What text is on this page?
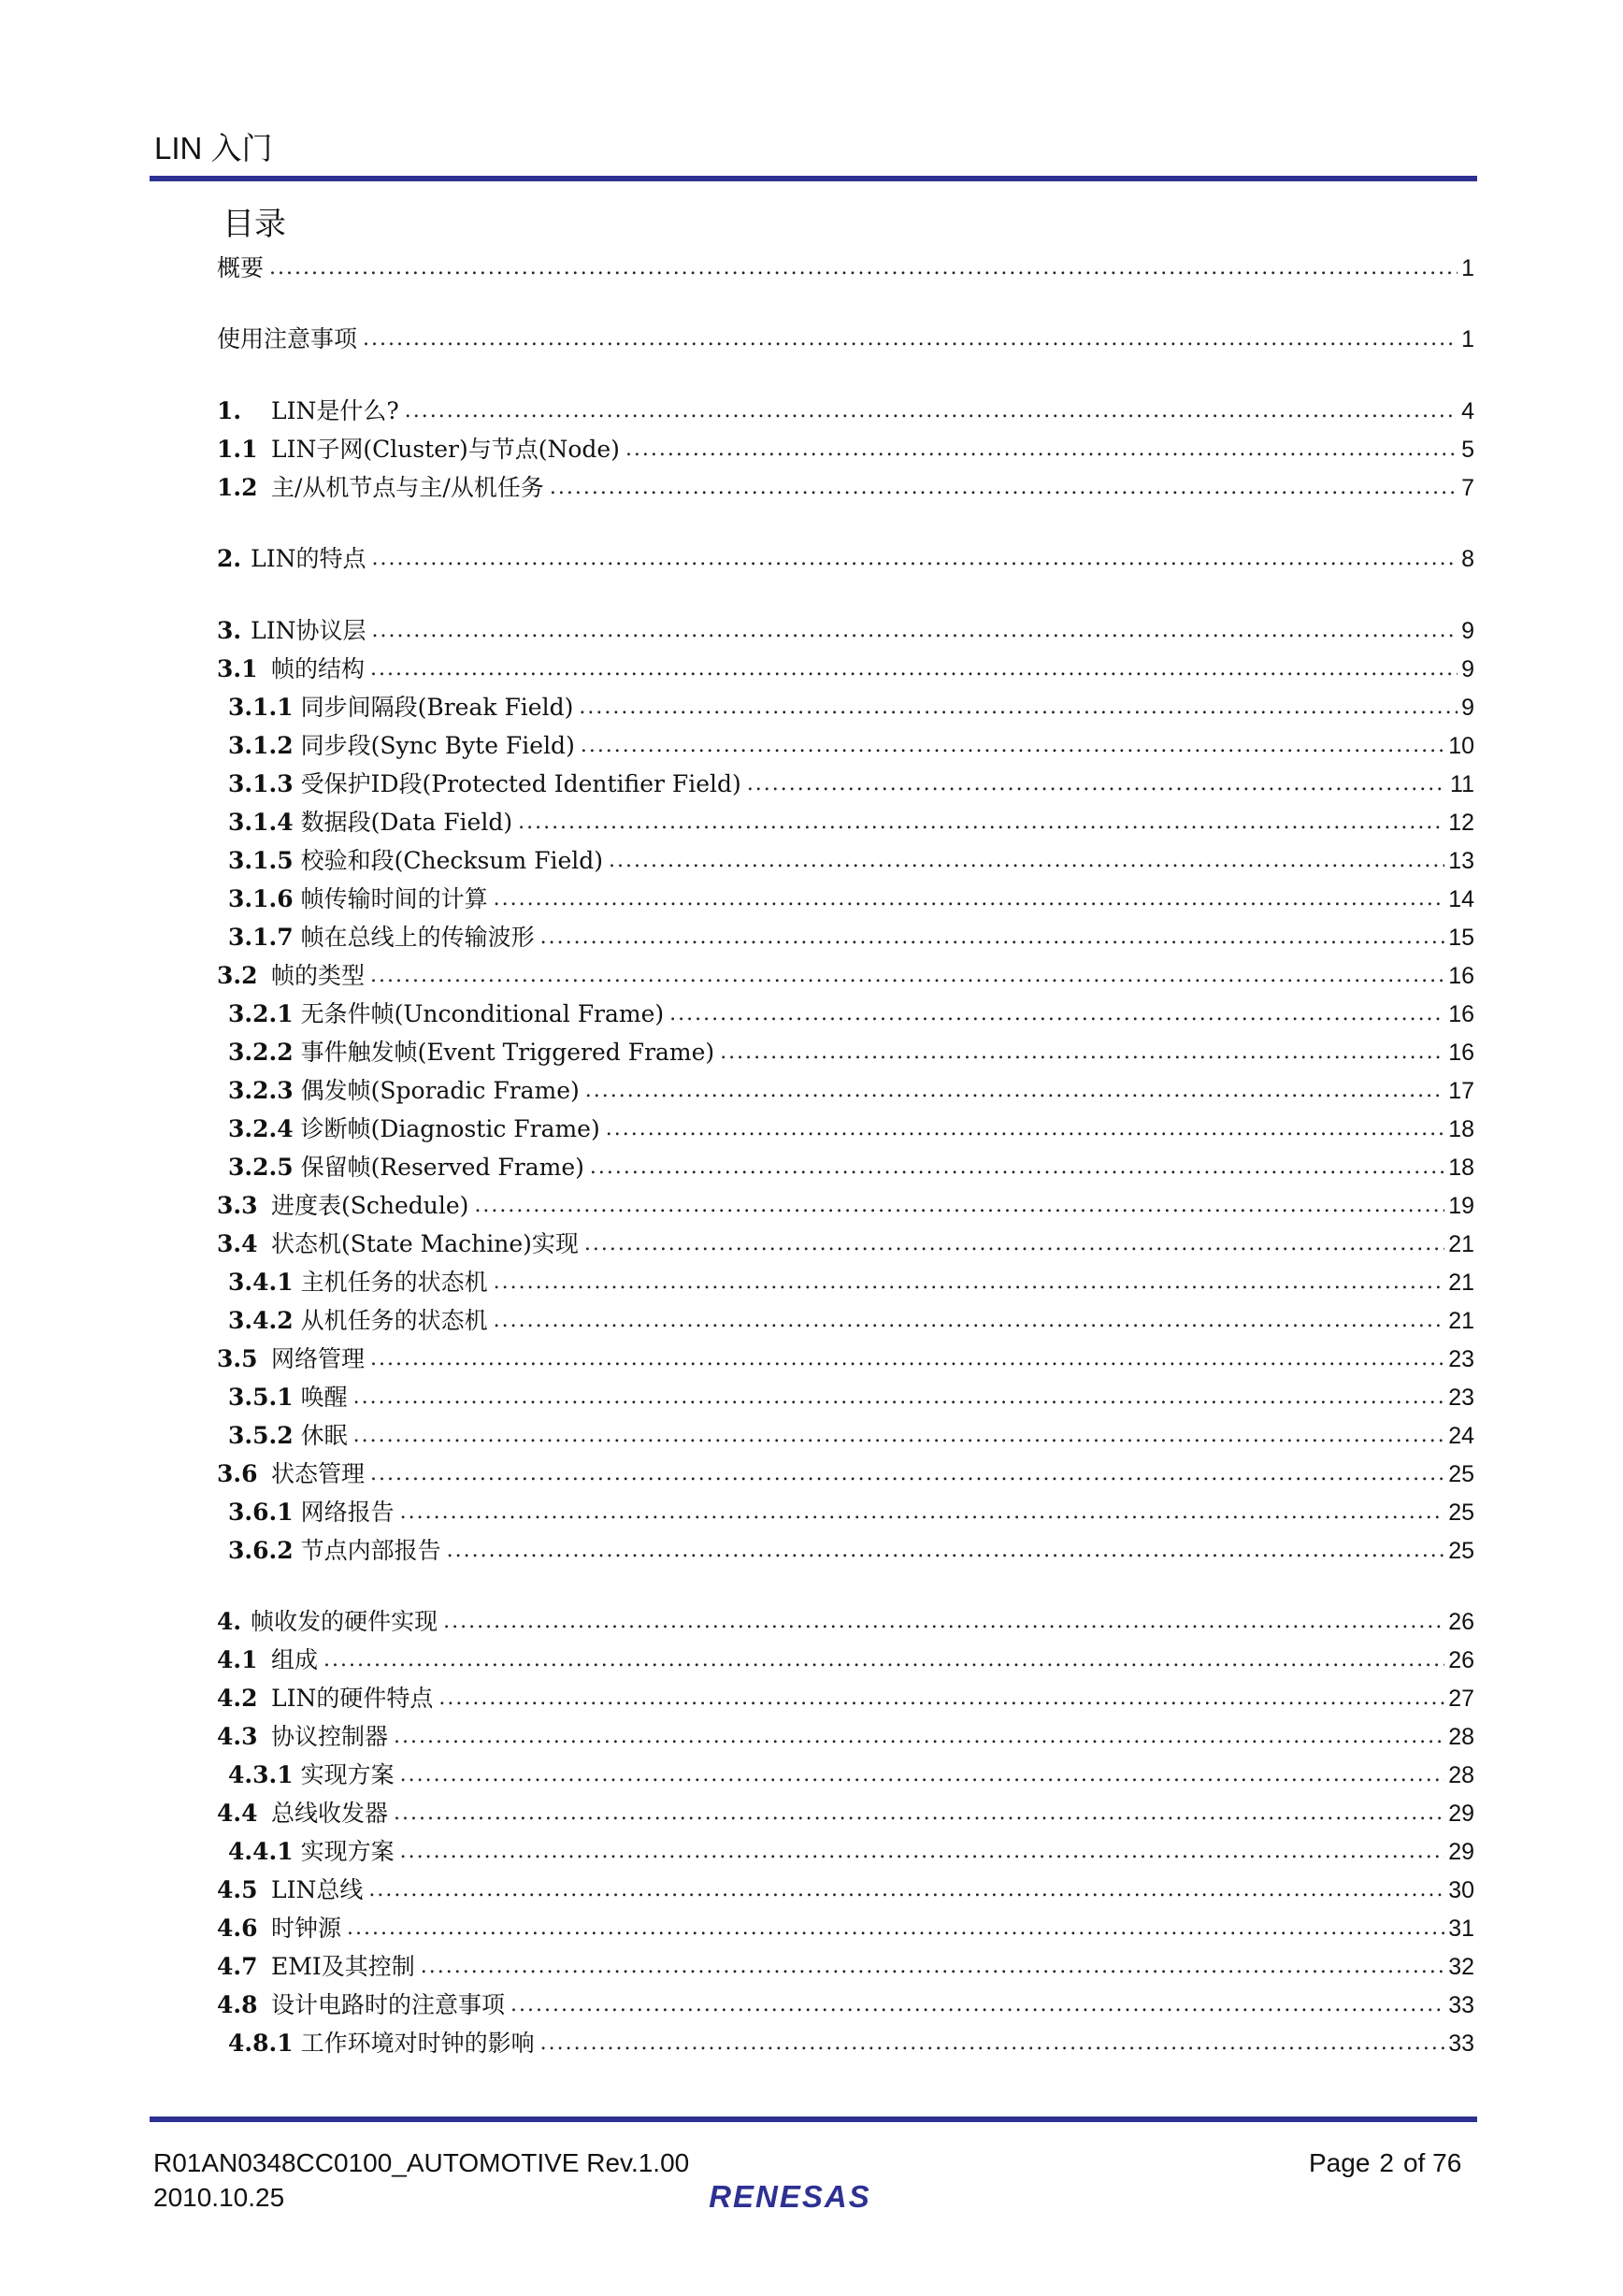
LIN 入门
目录
概要 .....	1
使用注意事项 .....	1
1.	LIN是什么? .....	4
1.1 LIN子网(Cluster)与节点(Node) .....	5
1.2 主/从机节点与主/从机任务 .....	7
2. LIN的特点 .....	8
3. LIN协议层 .....	9
3.1 帧的结构 .....	9
3.1.1 同步间隔段(Break Field) .....	9
3.1.2 同步段(Sync Byte Field) .....	10
3.1.3 受保护ID段(Protected Identifier Field) .....	11
3.1.4 数据段(Data Field) .....	12
3.1.5 校验和段(Checksum Field) .....	13
3.1.6 帧传输时间的计算 .....	14
3.1.7 帧在总线上的传输波形 .....	15
3.2 帧的类型 .....	16
3.2.1 无条件帧(Unconditional Frame) .....	16
3.2.2 事件触发帧(Event Triggered Frame) .....	16
3.2.3 偶发帧(Sporadic Frame) .....	17
3.2.4 诊断帧(Diagnostic Frame) .....	18
3.2.5 保留帧(Reserved Frame) .....	18
3.3 进度表(Schedule) .....	19
3.4 状态机(State Machine)实现 .....	21
3.4.1 主机任务的状态机 .....	21
3.4.2 从机任务的状态机 .....	21
3.5 网络管理 .....	23
3.5.1 唤醒 .....	23
3.5.2 休眠 .....	24
3.6 状态管理 .....	25
3.6.1 网络报告 .....	25
3.6.2 节点内部报告 .....	25
4. 帧收发的硬件实现 .....	26
4.1 组成 .....	26
4.2 LIN的硬件特点 .....	27
4.3 协议控制器 .....	28
4.3.1 实现方案 .....	28
4.4 总线收发器 .....	29
4.4.1 实现方案 .....	29
4.5 LIN总线 .....	30
4.6 时钟源 .....	31
4.7 EMI及其控制 .....	32
4.8 设计电路时的注意事项 .....	33
4.8.1 工作环境对时钟的影响 .....	33
R01AN0348CC0100_AUTOMOTIVE Rev.1.00
2010.10.25
Page 2 of 76
RENESAS
